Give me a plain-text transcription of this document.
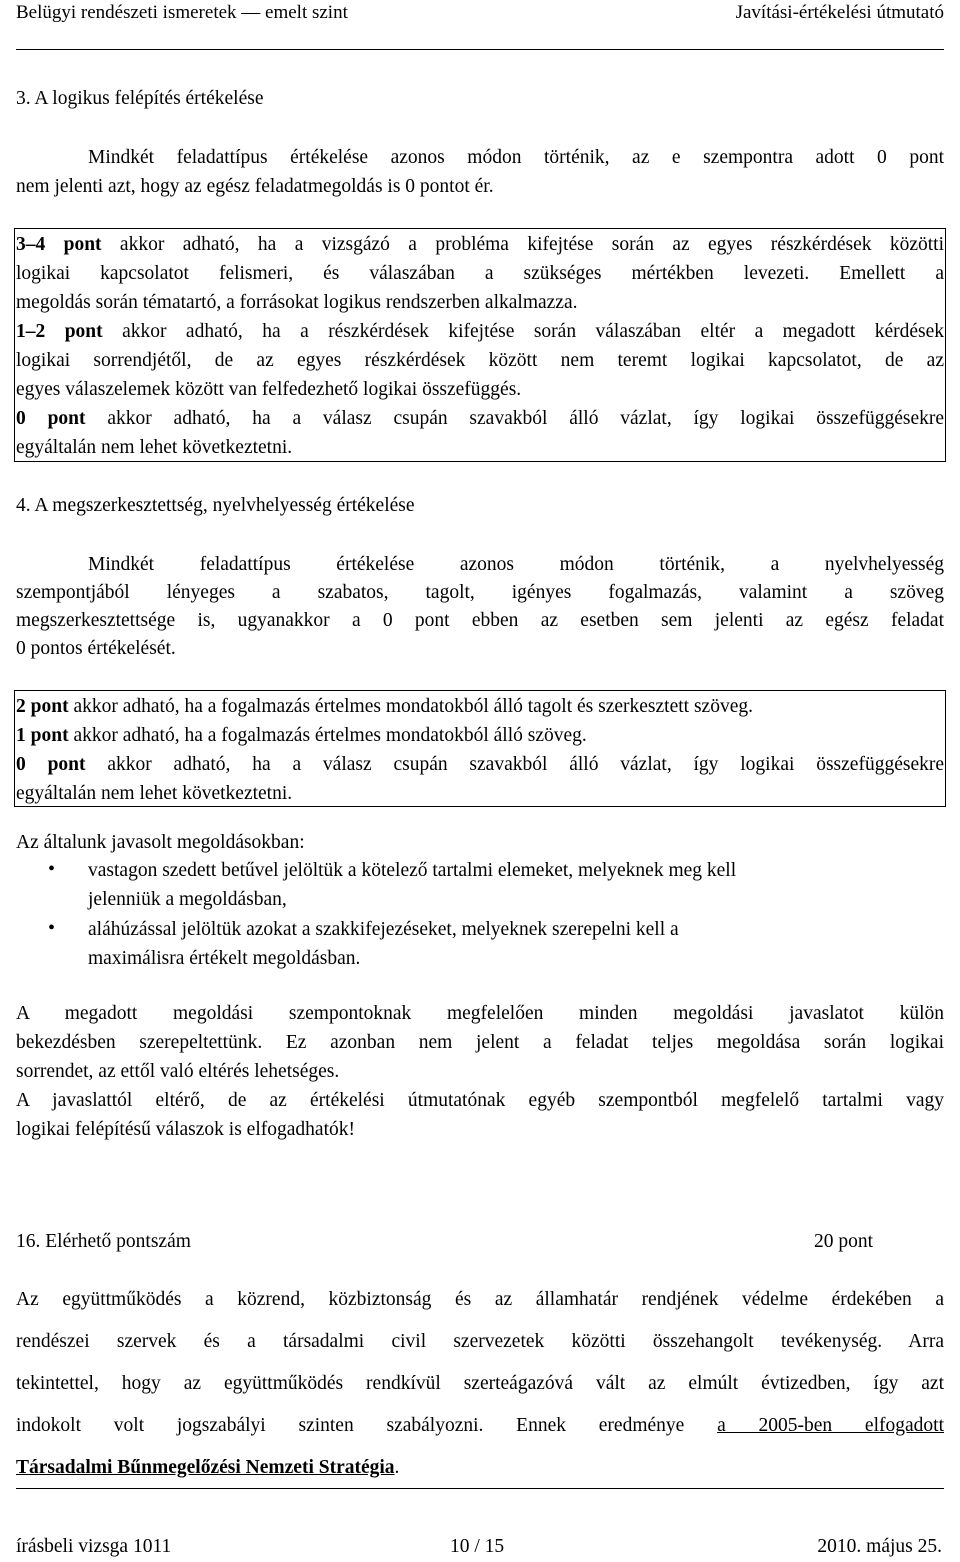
Belügyi rendészeti ismeretek — emelt szint	Javítási-értékelési útmutató
3. A logikus felépítés értékelése
Mindkét feladattípus értékelése azonos módon történik, az e szempontra adott 0 pont
nem jelenti azt, hogy az egész feladatmegoldás is 0 pontot ér.
3–4 pont akkor adható, ha a vizsgázó a probléma kifejtése során az egyes részkérdések közötti
logikai kapcsolatot felismeri, és válaszában a szükséges mértékben levezeti. Emellett a
megoldás során tématartó, a forrásokat logikus rendszerben alkalmazza.
1–2 pont akkor adható, ha a részkérdések kifejtése során válaszában eltér a megadott kérdések
logikai sorrendjétől, de az egyes részkérdések között nem teremt logikai kapcsolatot, de az
egyes válaszelemek között van felfedezhető logikai összefüggés.
0 pont akkor adható, ha a válasz csupán szavakból álló vázlat, így logikai összefüggésekre
egyáltalán nem lehet következtetni.
4. A megszerkesztettség, nyelvhelyesség értékelése
Mindkét feladattípus értékelése azonos módon történik, a nyelvhelyesség
szempontjából lényeges a szabatos, tagolt, igényes fogalmazás, valamint a szöveg
megszerkesztettsége is, ugyanakkor a 0 pont ebben az esetben sem jelenti az egész feladat
0 pontos értékelését.
2 pont akkor adható, ha a fogalmazás értelmes mondatokból álló tagolt és szerkesztett szöveg.
1 pont akkor adható, ha a fogalmazás értelmes mondatokból álló szöveg.
0 pont akkor adható, ha a válasz csupán szavakból álló vázlat, így logikai összefüggésekre
egyáltalán nem lehet következtetni.
Az általunk javasolt megoldásokban:
• vastagon szedett betűvel jelöltük a kötelező tartalmi elemeket, melyeknek meg kell
jelenniük a megoldásban,
• aláhúzással jelöltük azokat a szakkifejezéseket, melyeknek szerepelni kell a
maximálisra értékelt megoldásban.
A megadott megoldási szempontoknak megfelelően minden megoldási javaslatot külön
bekezdésben szerepeltettünk. Ez azonban nem jelent a feladat teljes megoldása során logikai
sorrendet, az ettől való eltérés lehetséges.
A javaslattól eltérő, de az értékelési útmutatónak egyéb szempontból megfelelő tartalmi vagy
logikai felépítésű válaszok is elfogadhatók!
16. Elérhető pontszám	20 pont
Az együttműködés a közrend, közbiztonság és az államhatár rendjének védelme érdekében a
rendészei szervek és a társadalmi civil szervezetek közötti összehangolt tevékenység. Arra
tekintettel, hogy az együttműködés rendkívül szerteágazóvá vált az elmúlt évtizedben, így azt
indokolt volt jogszabályi szinten szabályozni. Ennek eredménye a 2005-ben elfogadott
Társadalmi Bűnmegelőzési Nemzeti Stratégia.
írásbeli vizsga 1011	10 / 15	2010. május 25.
